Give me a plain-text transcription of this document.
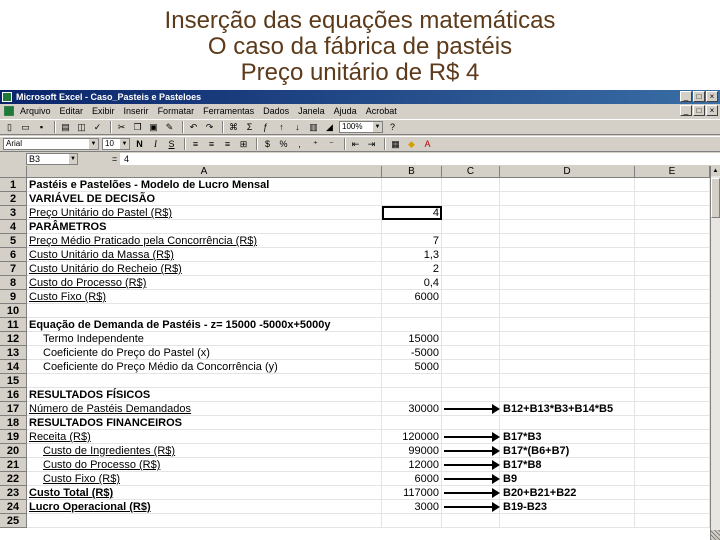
Inserção das equações matemáticas
O caso da fábrica de pastéis
Preço unitário de R$ 4
Microsoft Excel - Caso_Pasteis e Pasteloes	_	□	×
Arquivo Editar Exibir Inserir Formatar Ferramentas Dados Janela Ajuda Acrobat	_	□	×
▯	▭	▪	▤ ◫ ✓	✂ ❐ ▣ ✎	↶ ↷	⌘ Σ	ƒ	↑	↓	▥ ◢	100% ▼	?
Arial	▼	10 ▼ N	I	S	≡	≡	≡	⊞	$	%	,	⁺	⁻	⇤ ⇥	▦ ◆	A
B3	▼	= 4
A	B	C	D	E
1	Pastéis e Pastelões - Modelo de Lucro Mensal
2	VARIÁVEL DE DECISÃO
3	Preço Unitário do Pastel (R$)	4
4	PARÂMETROS
5	Preço Médio Praticado pela Concorrência (R$)	7
6	Custo Unitário da Massa (R$)	1,3
7	Custo Unitário do Recheio (R$)	2
8	Custo do Processo (R$)	0,4
9	Custo Fixo (R$)	6000
10
11 Equação de Demanda de Pastéis - z= 15000 -5000x+5000y
12	Termo Independente	15000
13	Coeficiente do Preço do Pastel (x)	-5000
14	Coeficiente do Preço Médio da Concorrência (y)	5000
15
16 RESULTADOS FÍSICOS
17 Número de Pastéis Demandados	30000	B12+B13*B3+B14*B5
18 RESULTADOS FINANCEIROS
19 Receita (R$)	120000	B17*B3
20	Custo de Ingredientes (R$)	99000	B17*(B6+B7)
21	Custo do Processo (R$)	12000	B17*B8
22	Custo Fixo (R$)	6000	B9
23 Custo Total (R$)	117000	B20+B21+B22
24 Lucro Operacional (R$)	3000	B19-B23
25
▲
